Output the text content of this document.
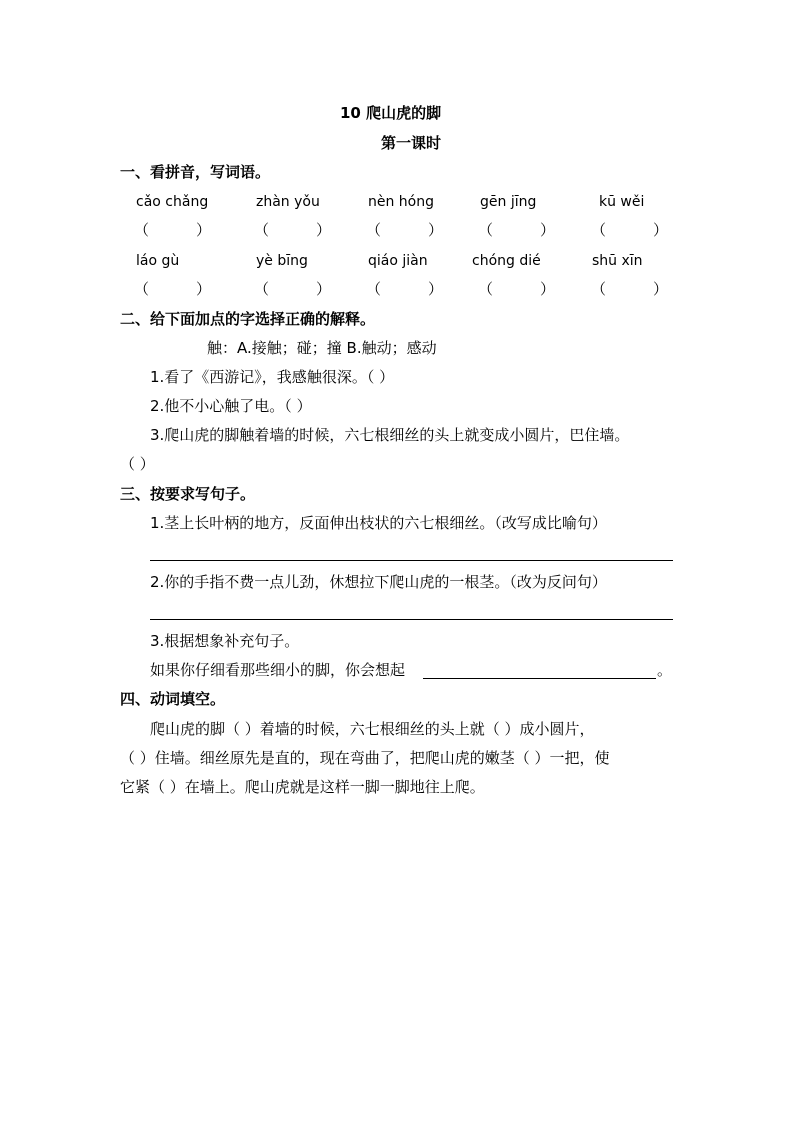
10 爬山虎的脚
第一课时
一、看拼音，写词语。
cǎo chǎng	zhàn yǒu	nèn hóng	gēn jīng	kū wěi
（	）	（	） （	） （	） （	）
láo gù	yè bīng	qiáo jiàn	chóng dié	shū xīn
（	）	（	） （	） （	） （	）
二、给下面加点的字选择正确的解释。
触：A.接触；碰；撞 B.触动；感动
1.看了《西游记》，我感触很深。（ ）
2.他不小心触了电。（ ）
3.爬山虎的脚触着墙的时候，六七根细丝的头上就变成小圆片，巴住墙。
（ ）
三、按要求写句子。
1.茎上长叶柄的地方，反面伸出枝状的六七根细丝。（改写成比喻句）
2.你的手指不费一点儿劲，休想拉下爬山虎的一根茎。（改为反问句）
3.根据想象补充句子。
如果你仔细看那些细小的脚，你会想起	。
四、动词填空。
爬山虎的脚（ ）着墙的时候，六七根细丝的头上就（ ）成小圆片，
（ ）住墙。细丝原先是直的，现在弯曲了，把爬山虎的嫩茎（ ）一把，使
它紧（ ）在墙上。爬山虎就是这样一脚一脚地往上爬。
